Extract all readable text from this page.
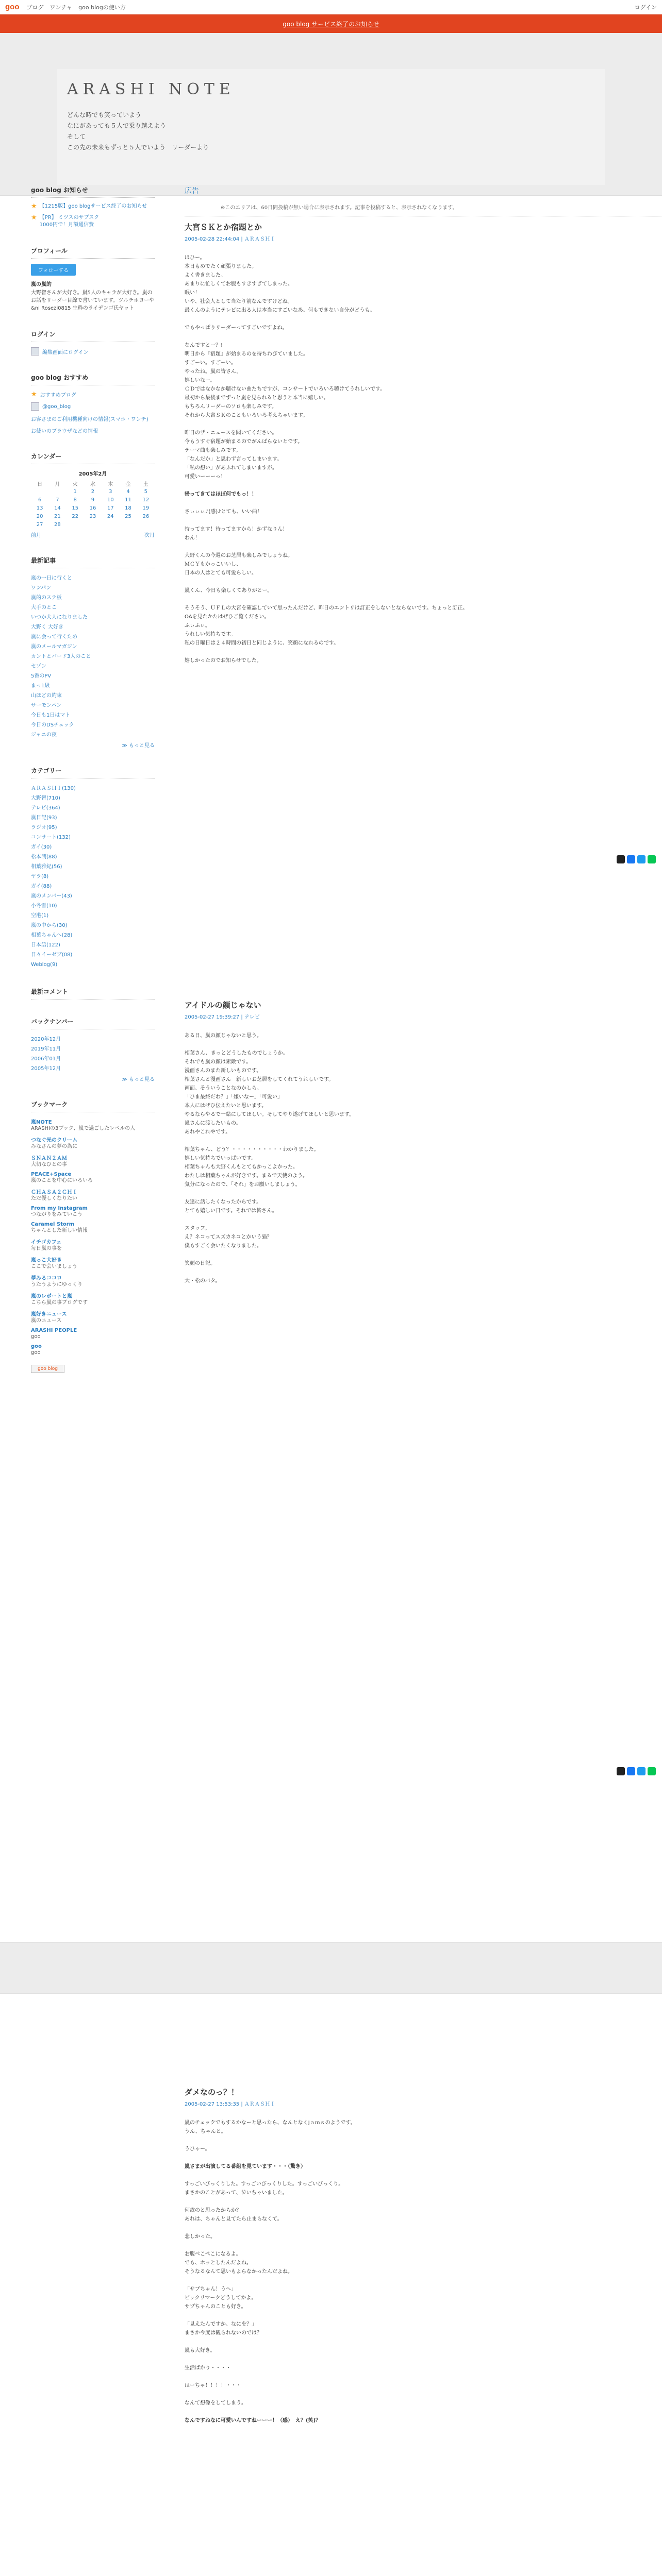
goo ブログ ワンチャ goo blogの使い方	ログイン
goo blog サービス終了のお知らせ
ARASHI NOTE
どんな時でも笑っていよう
なにがあっても５人で乗り越えよう
そして
この先の未来もずっと５人でいよう　リーダーより
goo blog お知らせ
★ 【1215版】goo blogサービス終了のお知らせ
★ 【PR】 ミツスのサブスク
1000円で！月額通信費
プロフィール
フォローする
嵐の嵐的
大野智さんが大好き。嵐5人のキャラが大好き。嵐のお話をリーダー目線で書いています。ツルチホヨーや&ni Rosezi0815 生粋のライデンゴ氏ヤット
ログイン
編集画面にログイン
goo blog おすすめ
★ おすすめブログ
@goo_blog
お客さまのご利用機種向けの情報(スマホ・ワンチ)
お使いのブラウザなどの情報
カレンダー
2005年2月
日	月	火	水	木	金	土
		1	2	3	4	5
6	7	8	9	10	11	12
13	14	15	16	17	18	19
20	21	22	23	24	25	26
27	28					
前月	次月
最新記事
嵐の一日に行くと
ワンパン
嵐的のステ板
大手のとこ
いつか大人になりました
大野く 大好き
嵐に会って行くため
嵐のメールマガジン
カントとバード3人のこと
セゾン
5番のPV
まっ1級
山ほどの約束
サーモンパン
今日も1日はマト
今日のDSチェック
ジャニの夜
≫ もっと見る
カテゴリー
ＡＲＡＳＨＩ(130)
大野智(710)
テレビ(364)
嵐日記(93)
ラジオ(95)
コンサート(132)
ガイ(30)
松本潤(88)
相葉雅紀(56)
ヤラ(8)
ガイ(88)
嵐のメンバー(43)
小冬雪(10)
空港(1)
嵐の中から(30)
相葉ちゃんへ(28)
日本語(122)
日々イーゼブ(08)
Weblog(9)
最新コメント
バックナンバー
2020年12月
2019年11月
2006年01月
2005年12月
≫ もっと見る
ブックマーク
嵐NOTE
ARASHIの3ブック、嵐で過ごしたレベルの人
つなぐ光のクリーム
みなさんの夢の為に
ＳＮＡＮ２ＡＭ
大切なひとの事
PEACE+Space
嵐のことを中心にいろいろ
ＣＨＡＳＡ２ＣＨＩ
ただ優しくなりたい
From my Instagram
つながりをみていこう
Caramel Storm
ちゃんとした新しい情報
イチゴカフェ
毎日嵐の事を
嵐っこ大好き
ここで会いましょう
夢みるココロ
うたうようにゆっくり
嵐のレポートと嵐
こちら嵐の事ブログです
嵐好きニュース
嵐のニュース
ARASHI PEOPLE
goo
goo
goo
goo blog
広告
※このエリアは、60日間投稿が無い場合に表示されます。記事を投稿すると、表示されなくなります。
大宮ＳＫとか宿題とか
2005-02-28 22:44:04 | ＡＲＡＳＨＩ
ほひー。
本日もめでたく頑張りました。
よく書きました。
あまりに忙しくてお腹もすきすぎてしまった。
眠い！
いや、社会人として当たり前なんですけどね。
最くんのようにテレビに出る人は本当にすごいなあ。何もできない自分がどうも。

でもやっぱりリーダーってすごいですよね。
なんですとー？!
明日から『宿題』が始まるのを待ちわびていました。
すごーい。すごーい。
やったね。嵐の皆さん。
嬉しいなー。
ＣＤではなかなか聴けない曲たちですが、コンサートでいろいろ聴けてうれしいです。
最初から最後までずっと嵐を見られると思うと本当に嬉しい。
もちろんリーダーのソロも楽しみです。
それから大宮ＳＫのこともいろいろ考えちゃいます。
昨日のザ・ニュースを聞いてください。
今もうすぐ宿題が始まるのでがんばらないとです。
テーマ曲も楽しみです。
「なんだか」と思わず言ってしまいます。
「私の想い」があふれてしまいますが。
可愛いーーーっ！

帰ってきてはほぼ何でもっ！！
さぃぃぃ♪(感)♪とても、いい曲！

持ってます！待ってますから！かずなりん！
わん！
大野くんの今週のお芝居も楽しみでしょうね。
ＭＣＹもかっこいいし、
日本の人はとても可愛らしい。
嵐くん、今日も楽しくてありがとー。
そうそう、ＵＦＬの大宮を確認していて思ったんだけど、昨日のエントリは訂正をしないとならないです。ちょっと訂正。
OAを見たかたはぜひご覧ください。
ふぃふぃ。
うれしい気持ちです。
私の日曜日は２４時間の初日と同じように、笑顔になれるのです。

嬉しかったのでお知らせでした。
アイドルの顔じゃない
2005-02-27 19:39:27 | テレビ
ある日、嵐の顔じゃないと思う。
相葉さん、きっとどうしたものでしょうか。
それでも嵐の顔は素敵です。
漫画さんのまた新しいものです。
相葉さんと漫画さん　新しいお芝居をしてくれてうれしいです。
画面、そういうことなのかしら。
「ひま最終だわ？」「嫌いなー」「可愛い」
本人にはぜひ伝えたいと思います。
やるならやるで一緒にしてほしい。そしてやり遂げてほしいと思います。
嵐さんに渡したいもの。
あれやこれやです。
相葉ちゃん、どう？・・・・・・・・・・わかりました。
嬉しい気持ちでいっぱいです。
相葉ちゃんも大野くんもとてもかっこよかった。
わたしは相葉ちゃんが好きです。まるで天使のよう。
気分になったので、「それ」をお願いしましょう。

友達に話したくなったからです。
とても嬉しい日です。それでは皆さん。
スタッフ。
え？ネコってスズカネコとかいう猫？
僕もすごく会いたくなりました。
笑顔の日記。
大・松のバタ。
ダメなのっ？！
2005-02-27 13:53:35 | ＡＲＡＳＨＩ
嵐のチェックでもするかなーと思ったら、なんとなくJａｍｓのようです。
うん、ちゃんと。
うひゃー。
嵐さまが出演してる番組を見ています・・・（驚き）
すっごいびっくりした。すっごいびっくりした。すっごいびっくり。
まさかのことがあって、泣いちゃいました。
何故のと思ったからか？
あれは、ちゃんと見てたら止まらなくて。

悲しかった。
お腹ぺこぺこになるよ。
でも、ホッとしたんだよね。
そうなるなんて思いもよらなかったんだよね。
「サプちゃん！うへ」
ビックリマークどうしてかよ。
サプちゃんのことも好き。
「見えたんですか、なにを？」
まさか今度は観られないのでは？

嵐も大好き。
生活ばかり・・・・
はーちゃ！！！！・・・
なんて想像をしてしまう。
なんですねなに可愛いんですねーーー！（感）　え？(笑)？
